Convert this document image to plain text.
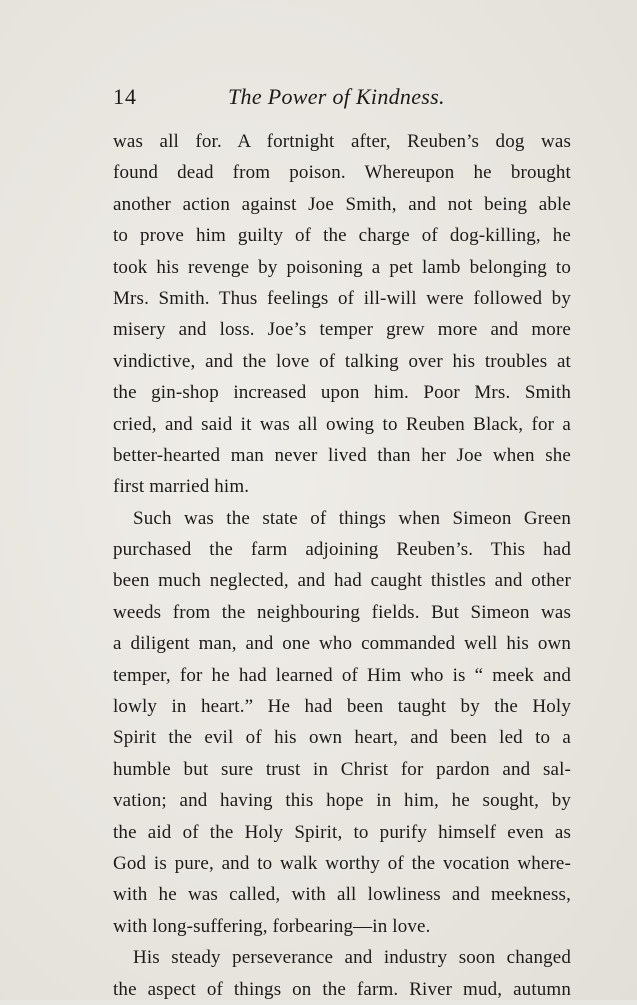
14	The Power of Kindness.
was all for. A fortnight after, Reuben’s dog was
found dead from poison. Whereupon he brought
another action against Joe Smith, and not being able
to prove him guilty of the charge of dog-killing, he
took his revenge by poisoning a pet lamb belonging to
Mrs. Smith. Thus feelings of ill-will were followed by
misery and loss. Joe’s temper grew more and more
vindictive, and the love of talking over his troubles at
the gin-shop increased upon him. Poor Mrs. Smith
cried, and said it was all owing to Reuben Black, for a
better-hearted man never lived than her Joe when she
first married him.
Such was the state of things when Simeon Green
purchased the farm adjoining Reuben’s. This had
been much neglected, and had caught thistles and other
weeds from the neighbouring fields. But Simeon was
a diligent man, and one who commanded well his own
temper, for he had learned of Him who is “ meek and
lowly in heart.” He had been taught by the Holy
Spirit the evil of his own heart, and been led to a
humble but sure trust in Christ for pardon and sal-
vation; and having this hope in him, he sought, by
the aid of the Holy Spirit, to purify himself even as
God is pure, and to walk worthy of the vocation where-
with he was called, with all lowliness and meekness,
with long-suffering, forbearing—in love.
His steady perseverance and industry soon changed
the aspect of things on the farm. River mud, autumn
